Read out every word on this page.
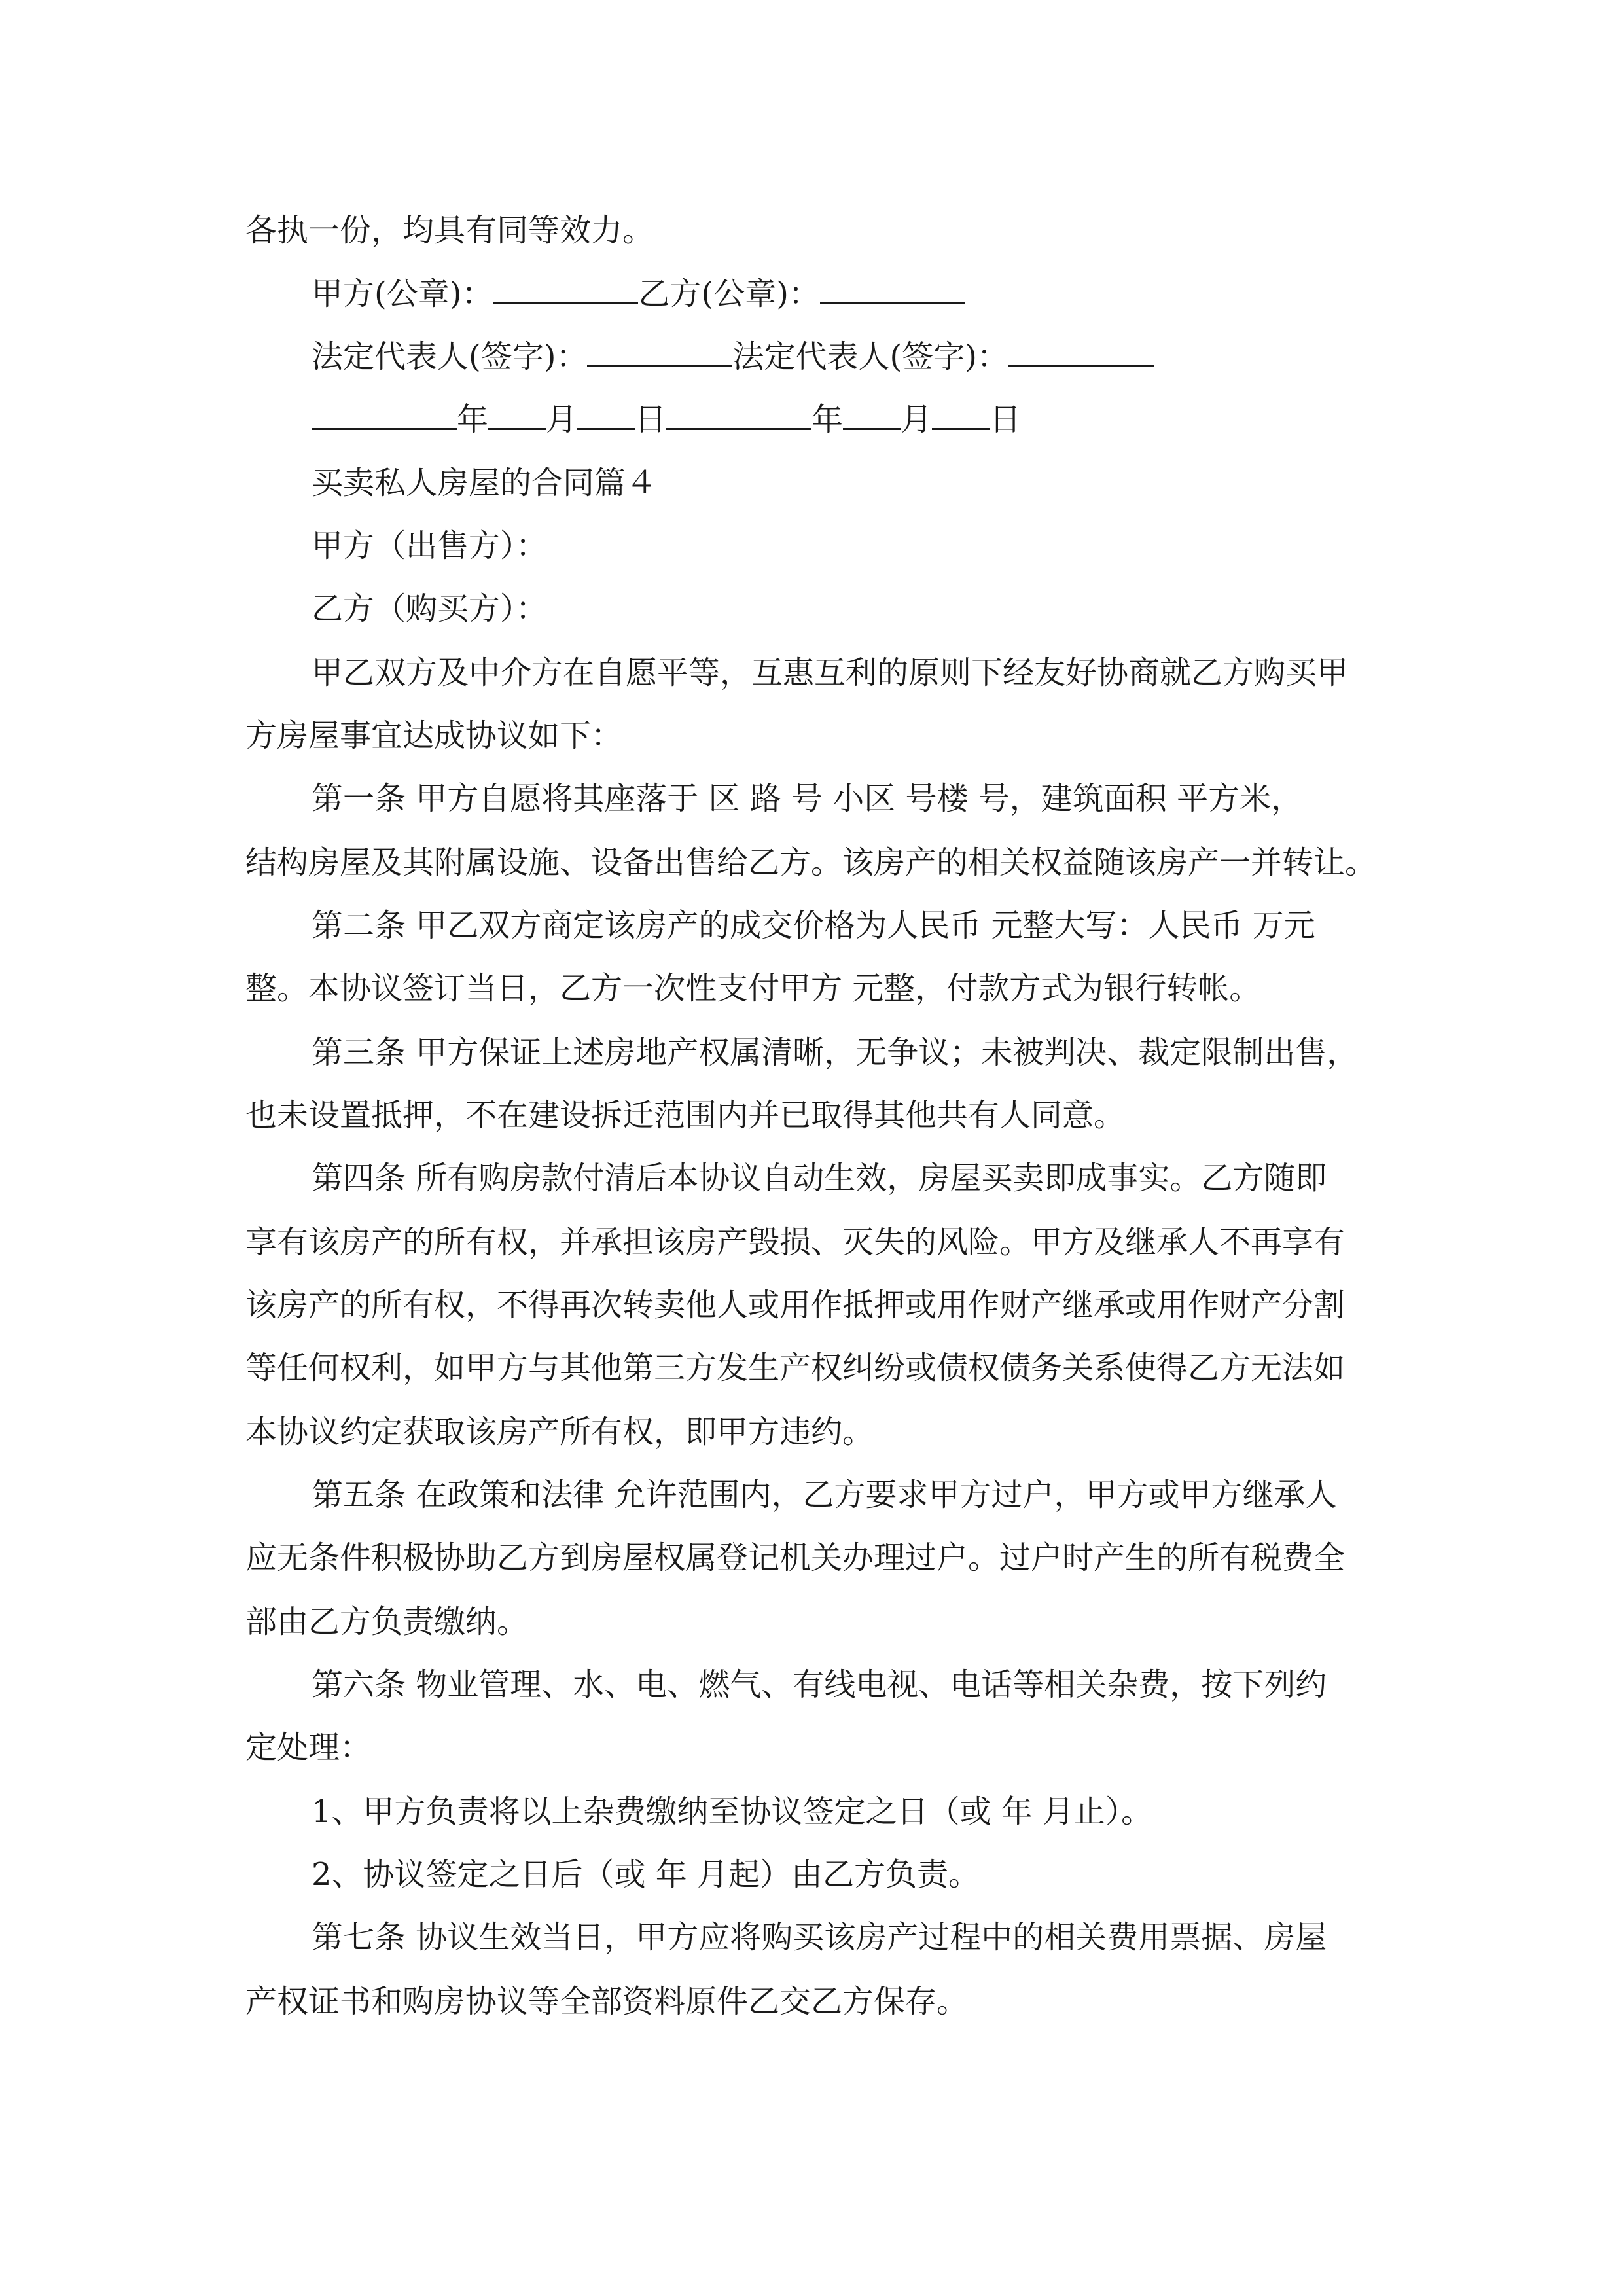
各执一份，均具有同等效力。
甲方(公章)：	乙方(公章)：
法定代表人(签字)：	法定代表人(签字)：
年 月 日	年 月 日
买卖私人房屋的合同篇４
甲方（出售方）：
乙方（购买方）：
甲乙双方及中介方在自愿平等，互惠互利的原则下经友好协商就乙方购买甲
方房屋事宜达成协议如下：
第一条 甲方自愿将其座落于 区 路 号 小区 号楼 号，建筑面积 平方米，
结构房屋及其附属设施、设备出售给乙方。该房产的相关权益随该房产一并转让。
第二条 甲乙双方商定该房产的成交价格为人民币 元整大写：人民币 万元
整。本协议签订当日，乙方一次性支付甲方 元整，付款方式为银行转帐。
第三条 甲方保证上述房地产权属清晰，无争议；未被判决、裁定限制出售，
也未设置抵押，不在建设拆迁范围内并已取得其他共有人同意。
第四条 所有购房款付清后本协议自动生效，房屋买卖即成事实。乙方随即
享有该房产的所有权，并承担该房产毁损、灭失的风险。甲方及继承人不再享有
该房产的所有权，不得再次转卖他人或用作抵押或用作财产继承或用作财产分割
等任何权利，如甲方与其他第三方发生产权纠纷或债权债务关系使得乙方无法如
本协议约定获取该房产所有权，即甲方违约。
第五条 在政策和法律 允许范围内，乙方要求甲方过户，甲方或甲方继承人
应无条件积极协助乙方到房屋权属登记机关办理过户。过户时产生的所有税费全
部由乙方负责缴纳。
第六条 物业管理、水、电、燃气、有线电视、电话等相关杂费，按下列约
定处理：
1、甲方负责将以上杂费缴纳至协议签定之日（或 年 月止）。
2、协议签定之日后（或 年 月起）由乙方负责。
第七条 协议生效当日，甲方应将购买该房产过程中的相关费用票据、房屋
产权证书和购房协议等全部资料原件乙交乙方保存。
